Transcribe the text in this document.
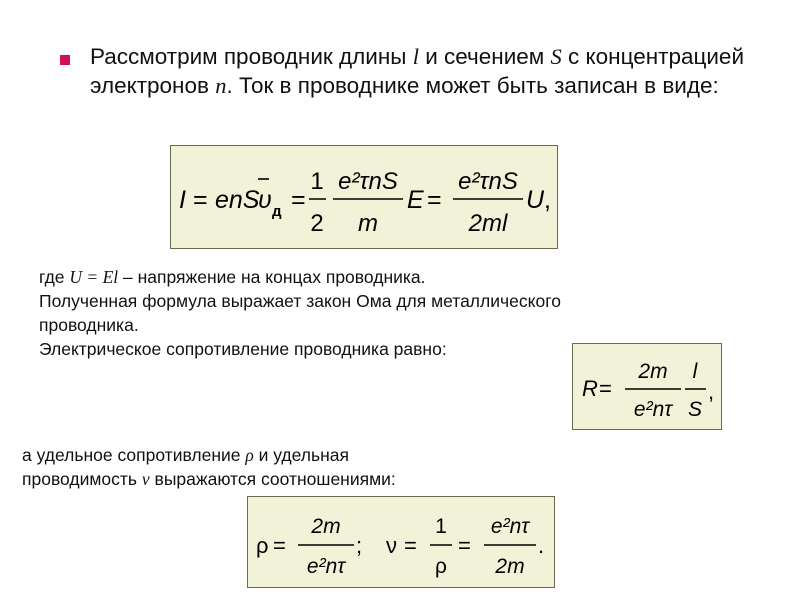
Рассмотрим проводник длины l и сечением S с концентрацией электронов n. Ток в проводнике может быть записан в виде:

I = enS
υ д =
1
2
e²τnS
m
E =
e²τnS
2ml
U ,

где U = El – напряжение на концах проводника.
Полученная формула выражает закон Ома для металлического
проводника.
Электрическое сопротивление проводника равно:

R =
2m
e²nτ
l
S
,

а удельное сопротивление ρ и удельная
проводимость ν выражаются соотношениями:

ρ =
2m
e²nτ
; ν =
1
ρ
=
e²nτ
2m
.
